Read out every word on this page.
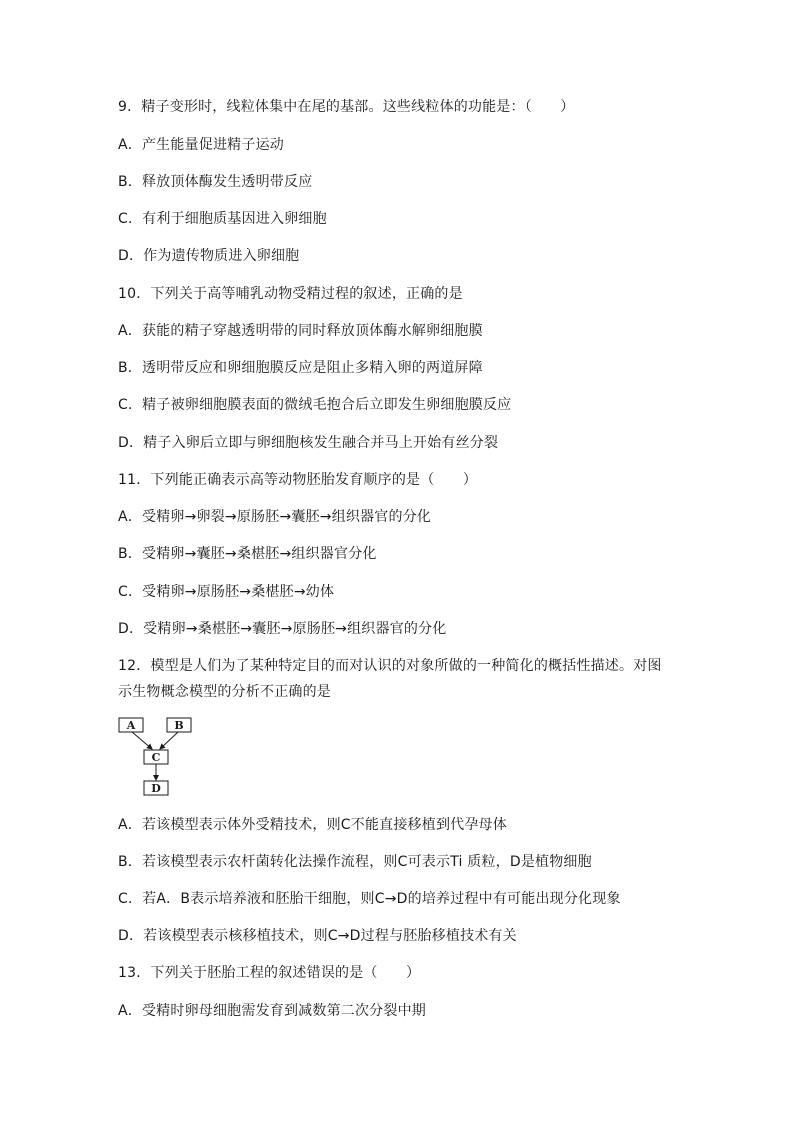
9．精子变形时，线粒体集中在尾的基部。这些线粒体的功能是：（　　）
A．产生能量促进精子运动
B．释放顶体酶发生透明带反应
C．有利于细胞质基因进入卵细胞
D．作为遗传物质进入卵细胞
10．下列关于高等哺乳动物受精过程的叙述，正确的是
A．获能的精子穿越透明带的同时释放顶体酶水解卵细胞膜
B．透明带反应和卵细胞膜反应是阻止多精入卵的两道屏障
C．精子被卵细胞膜表面的微绒毛抱合后立即发生卵细胞膜反应
D．精子入卵后立即与卵细胞核发生融合并马上开始有丝分裂
11．下列能正确表示高等动物胚胎发育顺序的是（　　）
A．受精卵→卵裂→原肠胚→囊胚→组织器官的分化
B．受精卵→囊胚→桑椹胚→组织器官分化
C．受精卵→原肠胚→桑椹胚→幼体
D．受精卵→桑椹胚→囊胚→原肠胚→组织器官的分化
12．模型是人们为了某种特定目的而对认识的对象所做的一种简化的概括性描述。对图
示生物概念模型的分析不正确的是
A	B
C
D
A．若该模型表示体外受精技术，则C不能直接移植到代孕母体
B．若该模型表示农杆菌转化法操作流程，则C可表示Ti 质粒，D是植物细胞
C．若A．B表示培养液和胚胎干细胞，则C→D的培养过程中有可能出现分化现象
D．若该模型表示核移植技术，则C→D过程与胚胎移植技术有关
13．下列关于胚胎工程的叙述错误的是（　　）
A．受精时卵母细胞需发育到减数第二次分裂中期
